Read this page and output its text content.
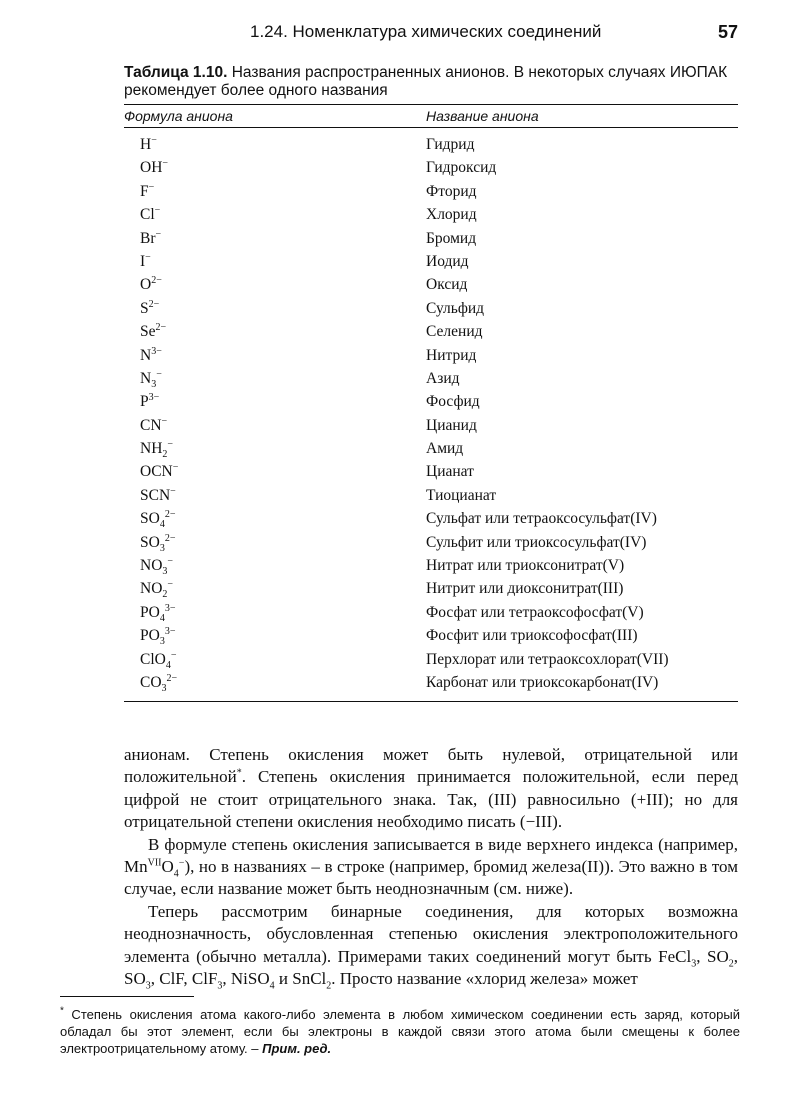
1.24. Номенклатура химических соединений	57
Таблица 1.10. Названия распространенных анионов. В некоторых случаях ИЮПАК рекомендует более одного названия
Формула аниона	Название аниона
H−	Гидрид
OH−	Гидроксид
F−	Фторид
Cl−	Хлорид
Br−	Бромид
I−	Иодид
$O^{2-}$	Оксид
$S^{2-}$	Сульфид
$Se^{2-}$	Селенид
$N^{3-}$	Нитрид
$N_3^-$	Азид
$P^{3-}$	Фосфид
CN−	Цианид
$NH_2^-$	Амид
OCN−	Цианат
SCN−	Тиоцианат
$SO_4^{2-}$	Сульфат или тетраоксосульфат(IV)
$SO_3^{2-}$	Сульфит или триоксосульфат(IV)
$NO_3^-$	Нитрат или триоксонитрат(V)
$NO_2^-$	Нитрит или диоксонитрат(III)
$PO_4^{3-}$	Фосфат или тетраоксофосфат(V)
$PO_3^{3-}$	Фосфит или триоксофосфат(III)
ClO$_4$−	Перхлорат или тетраоксохлорат(VII)
$CO_3^{2-}$	Карбонат или триоксокарбонат(IV)

анионам. Степень окисления может быть нулевой, отрицательной или положительной*. Степень окисления принимается положительной, если перед цифрой не стоит отрицательного знака. Так, (III) равносильно (+III); но для отрицательной степени окисления необходимо писать (−III).

В формуле степень окисления записывается в виде верхнего индекса (например, $Mn^{VII}O_4^-$), но в названиях – в строке (например, бромид железа(II)). Это важно в том случае, если название может быть неоднозначным (см. ниже).

Теперь рассмотрим бинарные соединения, для которых возможна неоднозначность, обусловленная степенью окисления электроположительного элемента (обычно металла). Примерами таких соединений могут быть FeCl$_3$, $SO_2$, $SO_3$, ClF, ClF$_3$, NiSO$_4$ и SnCl$_2$. Просто название «хлорид железа» может

* Степень окисления атома какого-либо элемента в любом химическом соединении есть заряд, который обладал бы этот элемент, если бы электроны в каждой связи этого атома были смещены к более электроотрицательному атому. – Прим. ред.
